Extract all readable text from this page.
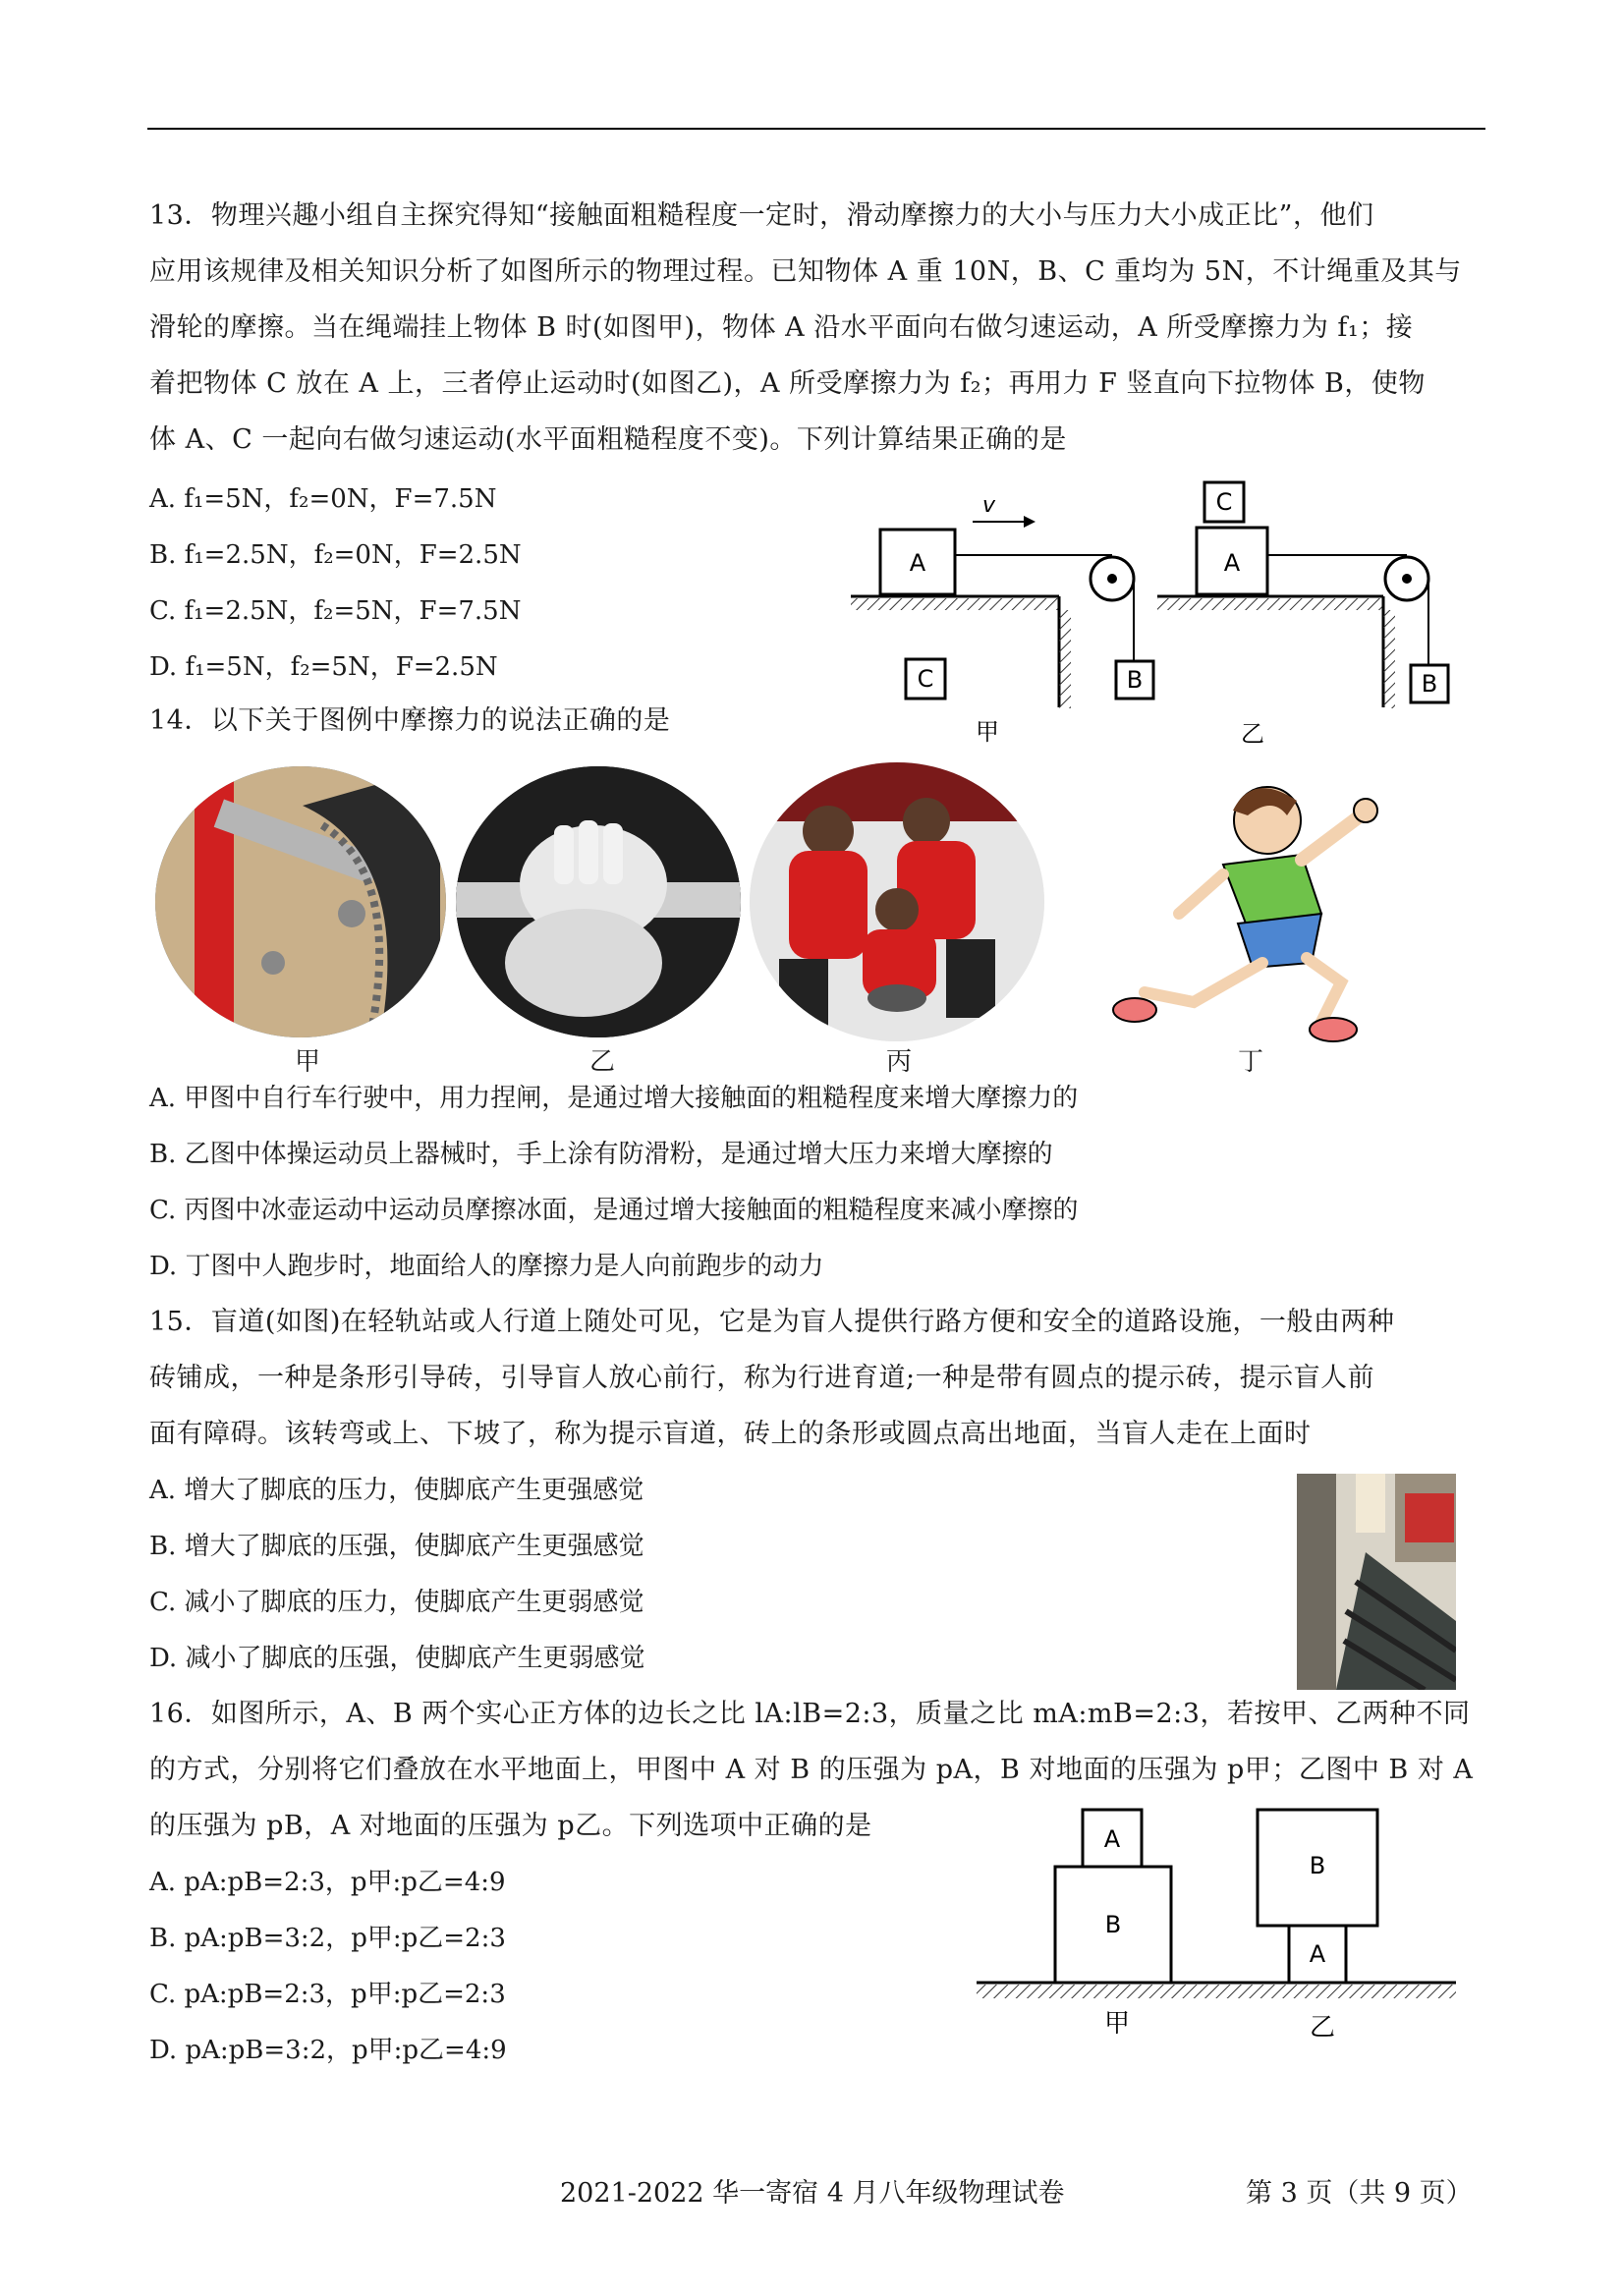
13．物理兴趣小组自主探究得知“接触面粗糙程度一定时，滑动摩擦力的大小与压力大小成正比”，他们
应用该规律及相关知识分析了如图所示的物理过程。已知物体 A 重 10N，B、C 重均为 5N，不计绳重及其与
滑轮的摩擦。当在绳端挂上物体 B 时(如图甲)，物体 A 沿水平面向右做匀速运动，A 所受摩擦力为 f₁；接
着把物体 C 放在 A 上，三者停止运动时(如图乙)，A 所受摩擦力为 f₂；再用力 F 竖直向下拉物体 B，使物
体 A、C 一起向右做匀速运动(水平面粗糙程度不变)。下列计算结果正确的是
A. f₁=5N，f₂=0N，F=7.5N
B. f₁=2.5N，f₂=0N，F=2.5N
C. f₁=2.5N，f₂=5N，F=7.5N
D. f₁=5N，f₂=5N，F=2.5N
A
v
B
C
甲
C
A
B
乙
14．以下关于图例中摩擦力的说法正确的是
甲	乙	丙	丁
A. 甲图中自行车行驶中，用力捏闸，是通过增大接触面的粗糙程度来增大摩擦力的
B. 乙图中体操运动员上器械时，手上涂有防滑粉，是通过增大压力来增大摩擦的
C. 丙图中冰壶运动中运动员摩擦冰面，是通过增大接触面的粗糙程度来减小摩擦的
D. 丁图中人跑步时，地面给人的摩擦力是人向前跑步的动力
15．盲道(如图)在轻轨站或人行道上随处可见，它是为盲人提供行路方便和安全的道路设施，一般由两种
砖铺成，一种是条形引导砖，引导盲人放心前行，称为行进育道;一种是带有圆点的提示砖，提示盲人前
面有障碍。该转弯或上、下坡了，称为提示盲道，砖上的条形或圆点高出地面，当盲人走在上面时
A. 增大了脚底的压力，使脚底产生更强感觉
B. 增大了脚底的压强，使脚底产生更强感觉
C. 减小了脚底的压力，使脚底产生更弱感觉
D. 减小了脚底的压强，使脚底产生更弱感觉
16．如图所示，A、B 两个实心正方体的边长之比 lA:lB=2:3，质量之比 mA:mB=2:3，若按甲、乙两种不同
的方式，分别将它们叠放在水平地面上，甲图中 A 对 B 的压强为 pA，B 对地面的压强为 p甲；乙图中 B 对 A
的压强为 pB，A 对地面的压强为 p乙。下列选项中正确的是
A. pA:pB=2:3，p甲:p乙=4:9
B. pA:pB=3:2，p甲:p乙=2:3
C. pA:pB=2:3，p甲:p乙=2:3
D. pA:pB=3:2，p甲:p乙=4:9
A
B
B
A
甲	乙
2021-2022 华一寄宿 4 月八年级物理试卷	第 3 页（共 9 页）
